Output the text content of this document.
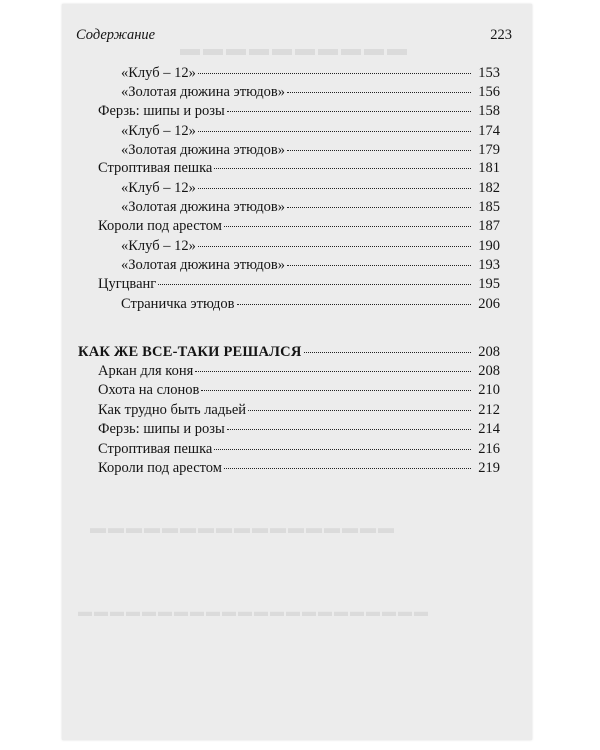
▬▬▬▬▬▬▬▬▬▬
▬▬▬▬▬▬▬▬▬▬▬▬▬▬▬▬▬
▬▬▬▬▬▬▬▬▬▬▬▬▬▬▬▬▬▬▬▬▬▬
Содержание	223
«Клуб – 12»	153
«Золотая дюжина этюдов»	156
Ферзь: шипы и розы	158
«Клуб – 12»	174
«Золотая дюжина этюдов»	179
Строптивая пешка	181
«Клуб – 12»	182
«Золотая дюжина этюдов»	185
Короли под арестом	187
«Клуб – 12»	190
«Золотая дюжина этюдов»	193
Цугцванг	195
Страничка этюдов	206
КАК ЖЕ ВСЕ-ТАКИ РЕШАЛСЯ	208
Аркан для коня	208
Охота на слонов	210
Как трудно быть ладьей	212
Ферзь: шипы и розы	214
Строптивая пешка	216
Короли под арестом	219
